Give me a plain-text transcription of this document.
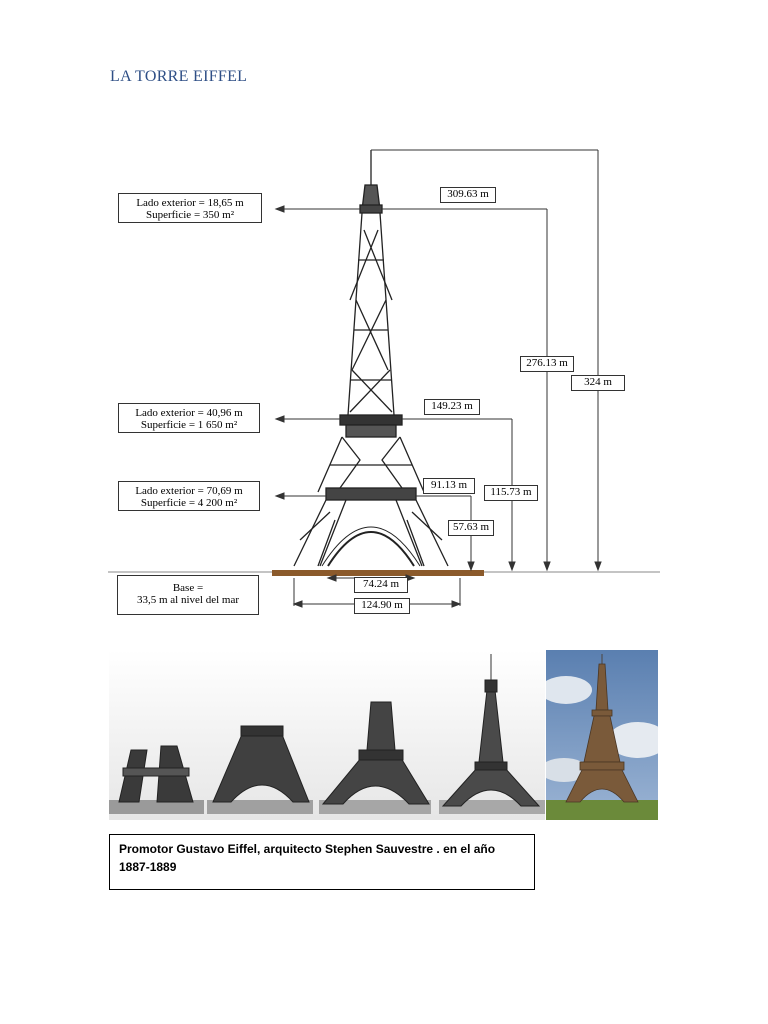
LA TORRE EIFFEL
Lado exterior = 18,65 m
Superficie = 350 m²
Lado exterior = 40,96 m
Superficie = 1 650 m²
Lado exterior = 70,69 m
Superficie = 4 200 m²
Base =
33,5 m al nivel del mar
309.63 m
276.13 m
324 m
149.23 m
115.73 m
91.13 m
57.63 m
74.24 m
124.90 m
Promotor Gustavo Eiffel, arquitecto Stephen Sauvestre . en el año
1887-1889
